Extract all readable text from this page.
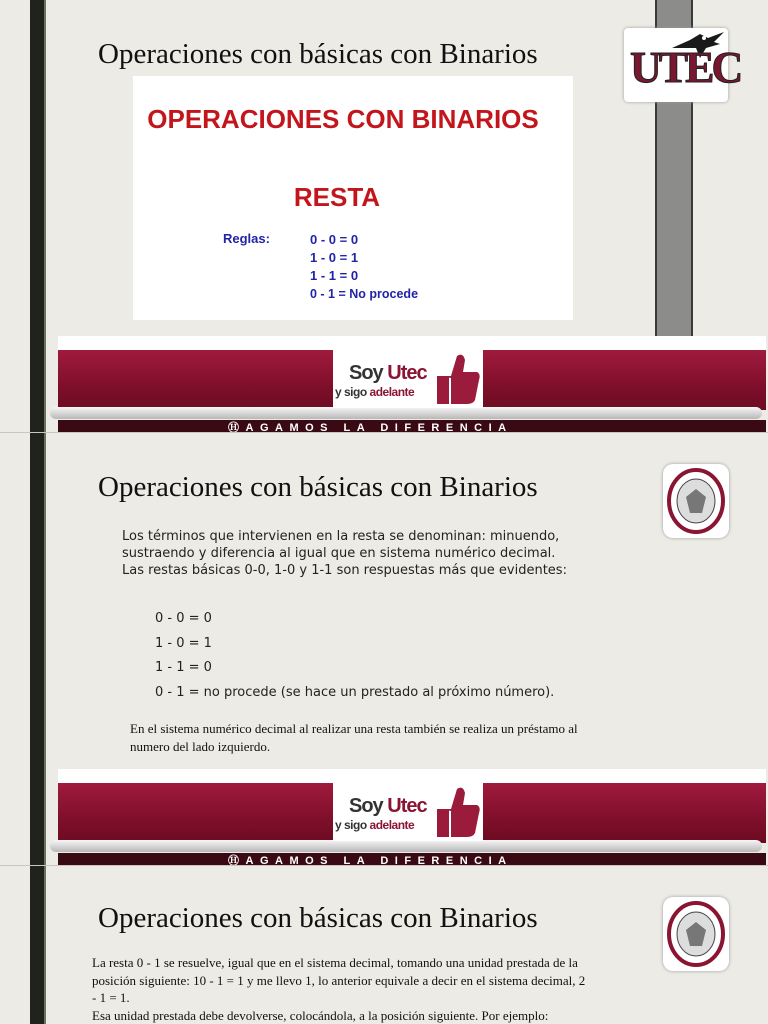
Operaciones con básicas con Binarios UTEC
OPERACIONES CON BINARIOS
RESTA
Reglas:	0 - 0 = 0
1 - 0 = 1
1 - 1 = 0
0 - 1 = No procede
Soy Utec
y sigo adelante
ⒽAGAMOS LA DIFERENCIA
Operaciones con básicas con Binarios
Los términos que intervienen en la resta se denominan: minuendo,
sustraendo y diferencia al igual que en sistema numérico decimal.
Las restas básicas 0-0, 1-0 y 1-1 son respuestas más que evidentes:
0 - 0 = 0
1 - 0 = 1
1 - 1 = 0
0 - 1 = no procede (se hace un prestado al próximo número).
En el sistema numérico decimal al realizar una resta también se realiza un préstamo al
numero del lado izquierdo.
Soy Utec
y sigo adelante
ⒽAGAMOS LA DIFERENCIA
Operaciones con básicas con Binarios
La resta 0 - 1 se resuelve, igual que en el sistema decimal, tomando una unidad prestada de la
posición siguiente: 10 - 1 = 1 y me llevo 1, lo anterior equivale a decir en el sistema decimal, 2
- 1 = 1.
Esa unidad prestada debe devolverse, colocándola, a la posición siguiente. Por ejemplo:
